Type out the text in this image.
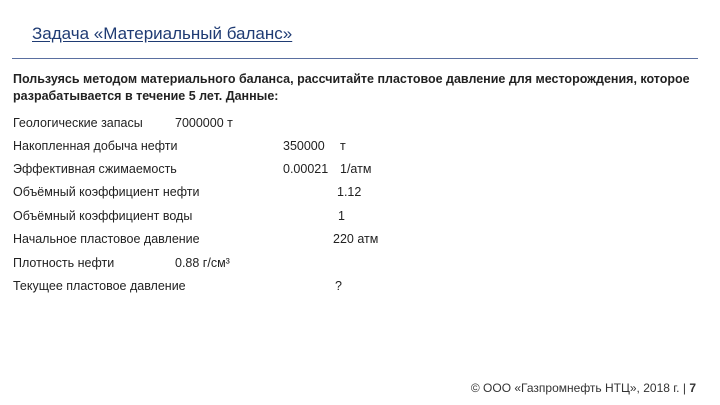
Задача «Материальный баланс»
Пользуясь методом материального баланса, рассчитайте пластовое давление для месторождения, которое разрабатывается в течение 5 лет. Данные:
Геологические запасы	7000000 т
Накопленная добыча нефти	350000 т
Эффективная сжимаемость	0.00021 1/атм
Объёмный коэффициент нефти	1.12
Объёмный коэффициент воды	1
Начальное пластовое давление	220 атм
Плотность нефти	0.88 г/см³
Текущее пластовое давление	?
© ООО «Газпромнефть НТЦ», 2018 г. | 7
